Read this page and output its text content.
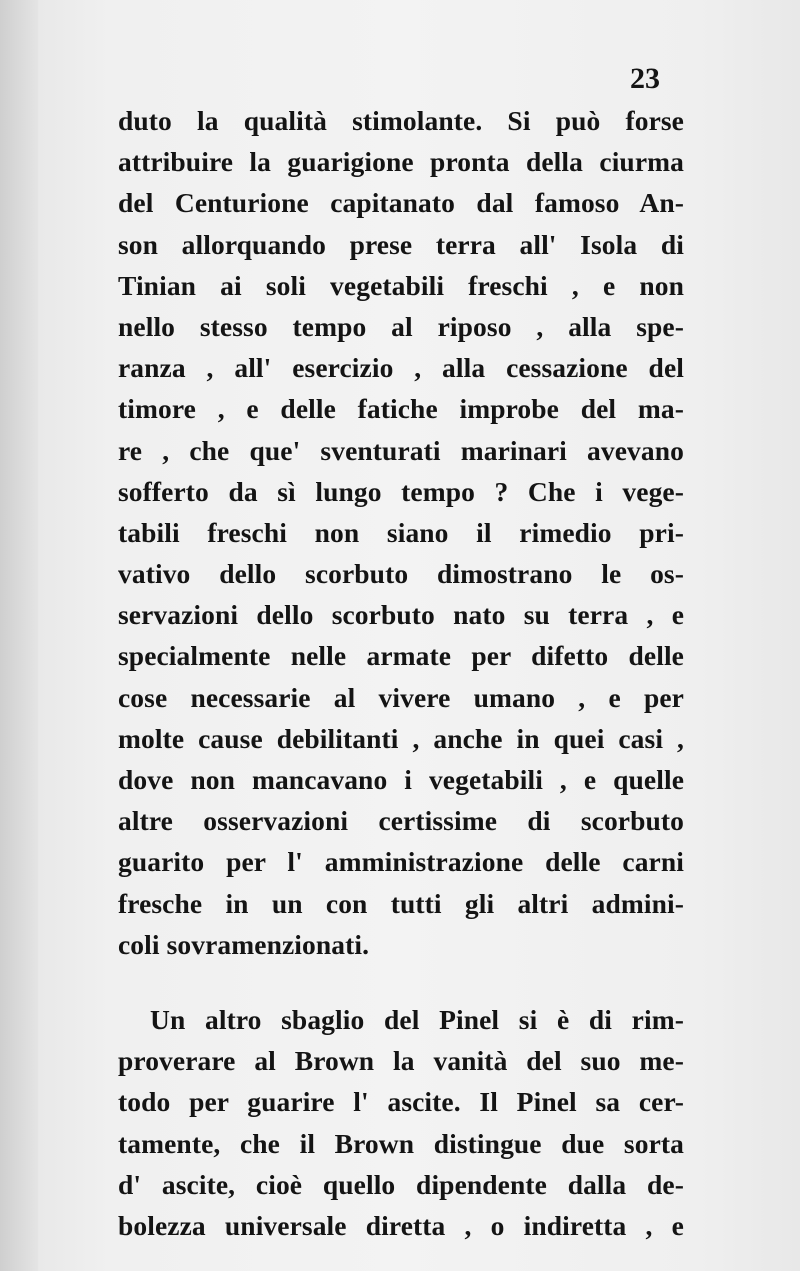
23
duto la qualità stimolante. Si può forse
attribuire la guarigione pronta della ciurma
del Centurione capitanato dal famoso An-
son allorquando prese terra all' Isola di
Tinian ai soli vegetabili freschi , e non
nello stesso tempo al riposo , alla spe-
ranza , all' esercizio , alla cessazione del
timore , e delle fatiche improbe del ma-
re , che que' sventurati marinari avevano
sofferto da sì lungo tempo ? Che i vege-
tabili freschi non siano il rimedio pri-
vativo dello scorbuto dimostrano le os-
servazioni dello scorbuto nato su terra , e
specialmente nelle armate per difetto delle
cose necessarie al vivere umano , e per
molte cause debilitanti , anche in quei casi ,
dove non mancavano i vegetabili , e quelle
altre osservazioni certissime di scorbuto
guarito per l' amministrazione delle carni
fresche in un con tutti gli altri admini-
coli sovramenzionati.
Un altro sbaglio del Pinel si è di rim-
proverare al Brown la vanità del suo me-
todo per guarire l' ascite. Il Pinel sa cer-
tamente, che il Brown distingue due sorta
d' ascite, cioè quello dipendente dalla de-
bolezza universale diretta , o indiretta , e
